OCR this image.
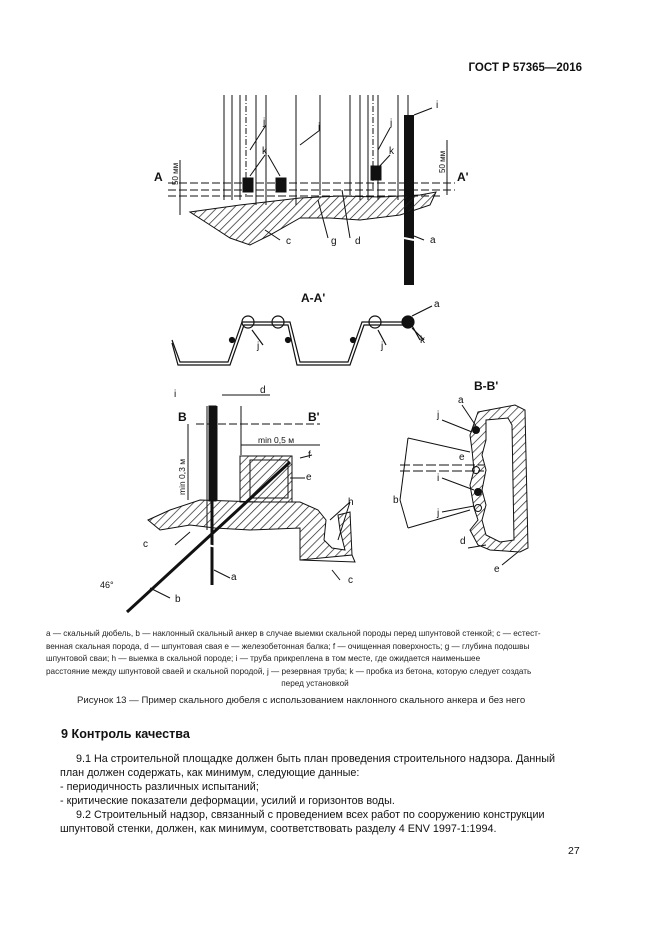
ГОСТ Р 57365—2016
A	A'
50 мм
50 мм
i
i
j	j
k	k
c	g d	a
A-A'	a
j	j
k
i	d
B	B'
min 0,5 м
min 0,3 м
f
e
h
c
c
a
b
46°
B-B'
a
j
e
i
b
j
d
e
a — скальный дюбель, b — наклонный скальный анкер в случае выемки скальной породы перед шпунтовой стенкой; c — естест-
венная скальная порода, d — шпунтовая свая e — железобетонная балка; f — очищенная поверхность; g — глубина подошвы
шпунтовой сваи; h — выемка в скальной породе; i — труба прикреплена в том месте, где ожидается наименьшее
расстояние между шпунтовой сваей и скальной породой, j — резервная труба; k — пробка из бетона, которую следует создать
перед установкой
Рисунок 13 — Пример скального дюбеля с использованием наклонного скального анкера и без него
9 Контроль качества

9.1 На строительной площадке должен быть план проведения строительного надзора. Данный

план должен содержать, как минимум, следующие данные:

- периодичность различных испытаний;

- критические показатели деформации, усилий и горизонтов воды.

9.2 Строительный надзор, связанный с проведением всех работ по сооружению конструкции

шпунтовой стенки, должен, как минимум, соответствовать разделу 4 ENV 1997-1:1994.

27
